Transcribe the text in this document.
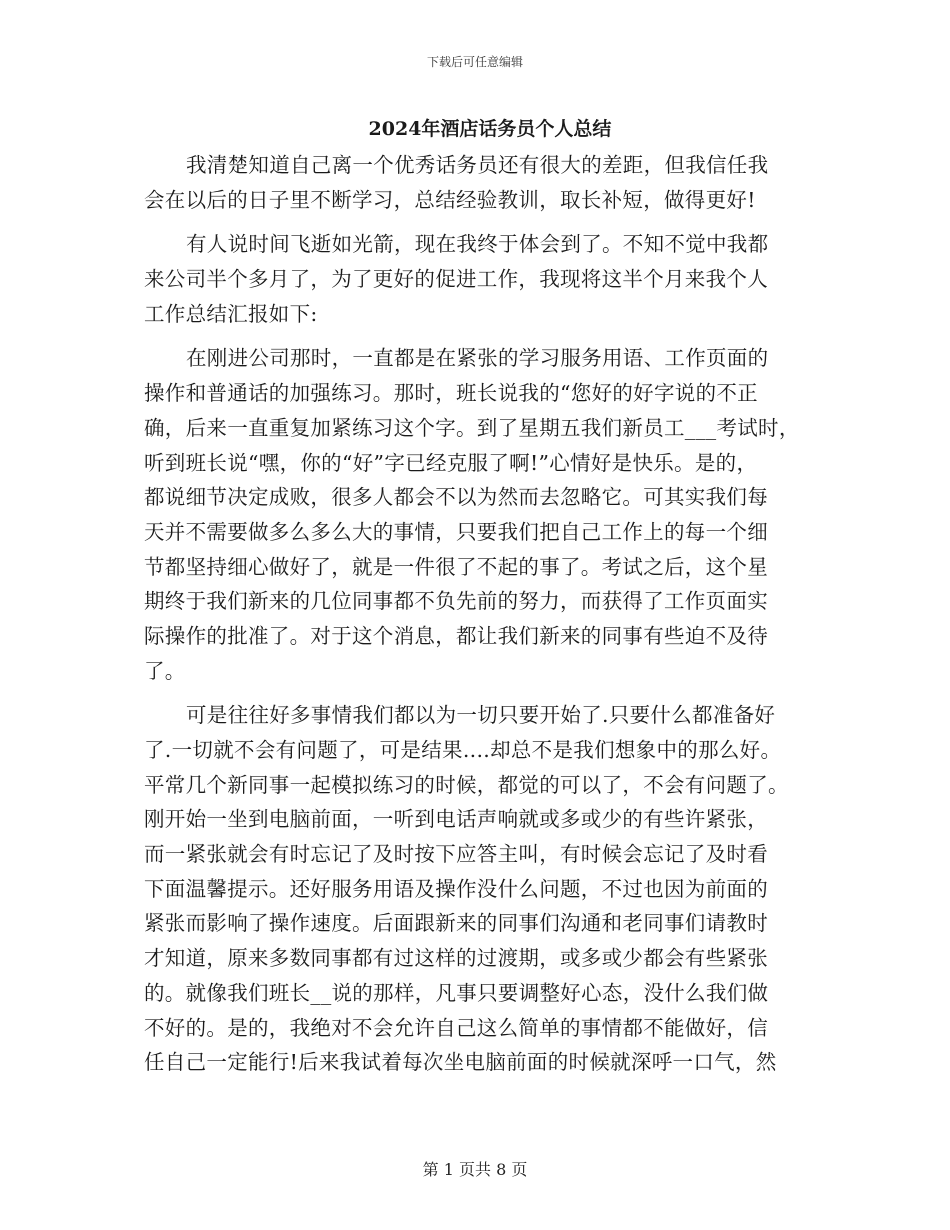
下载后可任意编辑
2024年酒店话务员个人总结
我清楚知道自己离一个优秀话务员还有很大的差距，但我信任我
会在以后的日子里不断学习，总结经验教训，取长补短，做得更好!
有人说时间飞逝如光箭，现在我终于体会到了。不知不觉中我都
来公司半个多月了，为了更好的促进工作，我现将这半个月来我个人
工作总结汇报如下:
在刚进公司那时，一直都是在紧张的学习服务用语、工作页面的
操作和普通话的加强练习。那时，班长说我的“您好的好字说的不正
确，后来一直重复加紧练习这个字。到了星期五我们新员工___考试时，
听到班长说“嘿，你的“好”字已经克服了啊!”心情好是快乐。是的，
都说细节决定成败，很多人都会不以为然而去忽略它。可其实我们每
天并不需要做多么多么大的事情，只要我们把自己工作上的每一个细
节都坚持细心做好了，就是一件很了不起的事了。考试之后，这个星
期终于我们新来的几位同事都不负先前的努力，而获得了工作页面实
际操作的批准了。对于这个消息，都让我们新来的同事有些迫不及待
了。
可是往往好多事情我们都以为一切只要开始了.只要什么都准备好
了.一切就不会有问题了，可是结果....却总不是我们想象中的那么好。
平常几个新同事一起模拟练习的时候，都觉的可以了，不会有问题了。
刚开始一坐到电脑前面，一听到电话声响就或多或少的有些许紧张，
而一紧张就会有时忘记了及时按下应答主叫，有时候会忘记了及时看
下面温馨提示。还好服务用语及操作没什么问题，不过也因为前面的
紧张而影响了操作速度。后面跟新来的同事们沟通和老同事们请教时
才知道，原来多数同事都有过这样的过渡期，或多或少都会有些紧张
的。就像我们班长__说的那样，凡事只要调整好心态，没什么我们做
不好的。是的，我绝对不会允许自己这么简单的事情都不能做好，信
任自己一定能行!后来我试着每次坐电脑前面的时候就深呼一口气，然
第 1 页共 8 页
